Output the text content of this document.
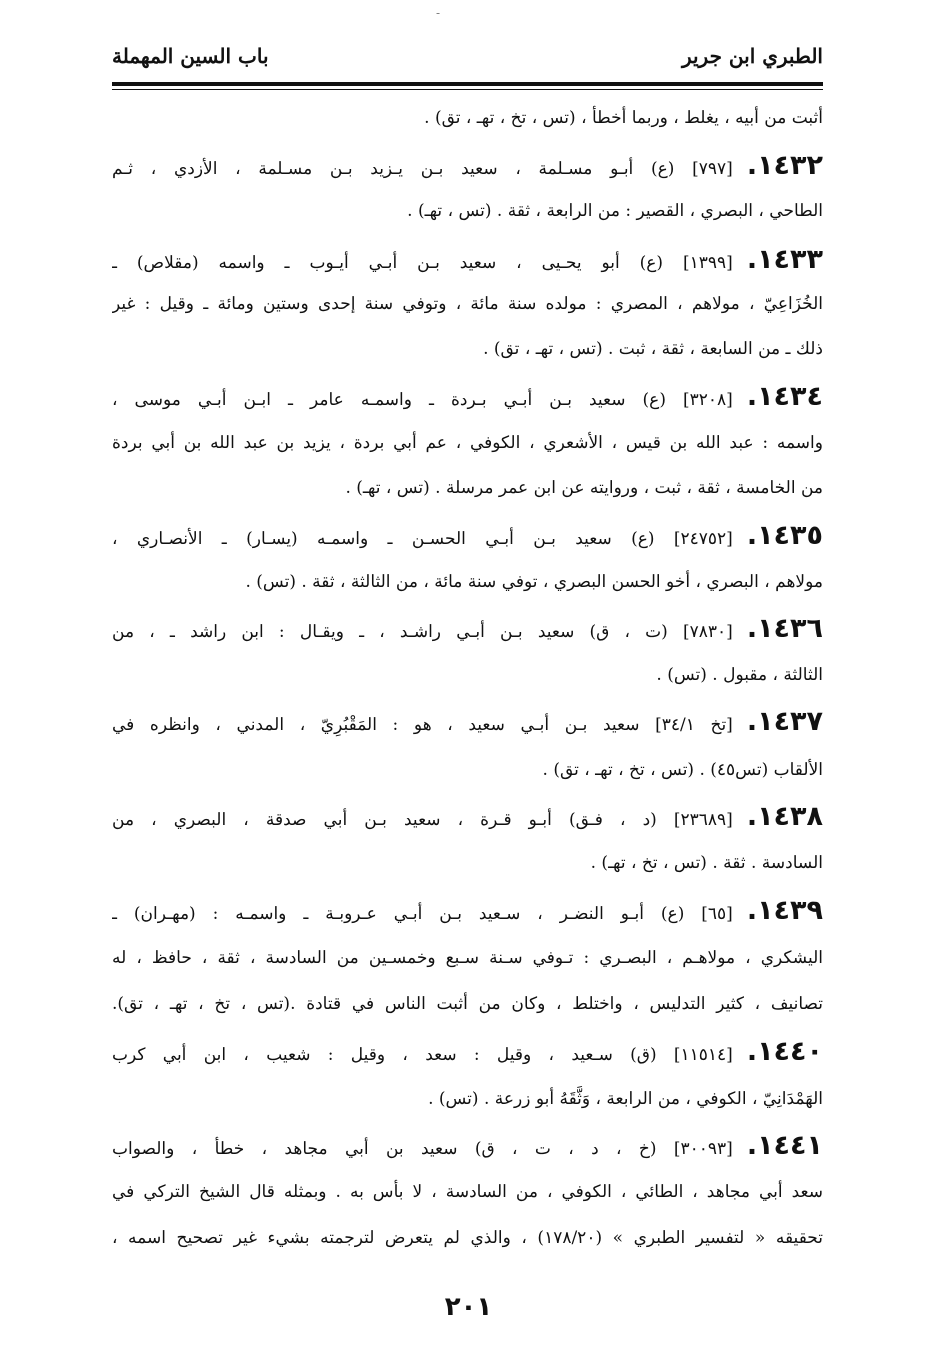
-
الطبري ابن جرير
باب السين المهملة
أثبت من أبيه ، يغلط ، وربما أخطأ ، (تس ، تخ ، تهـ ، تق) .
١٤٣٢.[٧٩٧] (ع) أبـو مسـلمة ، سعيد بـن يـزيد بـن مسـلمة ، الأزدي ، ثـم
الطاحي ، البصري ، القصير : من الرابعة ، ثقة . (تس ، تهـ) .
١٤٣٣.[١٣٩٩] (ع) أبو يحـيى ، سعيد بـن أبـي أيـوب ـ واسمه (مقلاص) ـ
الخُزَاعِيّ ، مولاهم ، المصري : مولده سنة مائة ، وتوفي سنة إحدى وستين ومائة ـ وقيل : غير
ذلك ـ من السابعة ، ثقة ، ثبت . (تس ، تهـ ، تق) .
١٤٣٤.[٣٢٠٨] (ع) سعيد بـن أبـي بـردة ـ واسمـه عامر ـ ابـن أبـي موسى ،
واسمه : عبد الله بن قيس ، الأشعري ، الكوفي ، عم أبي بردة ، يزيد بن عبد الله بن أبي بردة
من الخامسة ، ثقة ، ثبت ، وروايته عن ابن عمر مرسلة . (تس ، تهـ) .
١٤٣٥.[٢٤٧٥٢] (ع) سعيد بـن أبـي الحسـن ـ واسمـه (يسـار) ـ الأنصـاري ،
مولاهم ، البصري ، أخو الحسن البصري ، توفي سنة مائة ، من الثالثة ، ثقة . (تس) .
١٤٣٦.[٧٨٣٠] (ت ، ق) سعيد بـن أبـي راشـد ، ـ ويقـال : ابن راشد ـ ، من
الثالثة ، مقبول . (تس) .
١٤٣٧.[تخ ٣٤/١] سعيد بـن أبـي سعيد ، هو : المَقْبُرِيّ ، المدني ، وانظره في
الألقاب (تس٤٥) . (تس ، تخ ، تهـ ، تق) .
١٤٣٨.[٢٣٦٨٩] (د ، فـق) أبـو قـرة ، سعيد بـن أبي صدقة ، البصري ، من
السادسة . ثقة . (تس ، تخ ، تهـ) .
١٤٣٩.[٦٥] (ع) أبـو النضـر ، سـعيد بـن أبـي عـروبـة ـ واسمـه : (مهـران) ـ
اليشكري ، مولاهـم ، البصـري : تـوفي سـنة سـبع وخمسـين من السادسة ، ثقة ، حافظ ، له
تصانيف ، كثير التدليس ، واختلط ، وكان من أثبت الناس في قتادة .(تس ، تخ ، تهـ ، تق).
١٤٤٠.[١١٥١٤] (ق) سـعيد ، وقيل : سعد ، وقيل : شعيب ، ابن أبي كرب
الهَمْدَانِيّ ، الكوفي ، من الرابعة ، وَثَّقَهُ أبو زرعة . (تس) .
١٤٤١.[٣٠٠٩٣] (خ ، د ، ت ، ق) سعيد بن أبي مجاهد ، خطأ ، والصواب
سعد أبي مجاهد ، الطائي ، الكوفي ، من السادسة ، لا بأس به . وبمثله قال الشيخ التركي في
تحقيقه « لتفسير الطبري » (١٧٨/٢٠) ، والذي لم يتعرض لترجمته بشيء غير تصحيح اسمه ،
٢٠١
